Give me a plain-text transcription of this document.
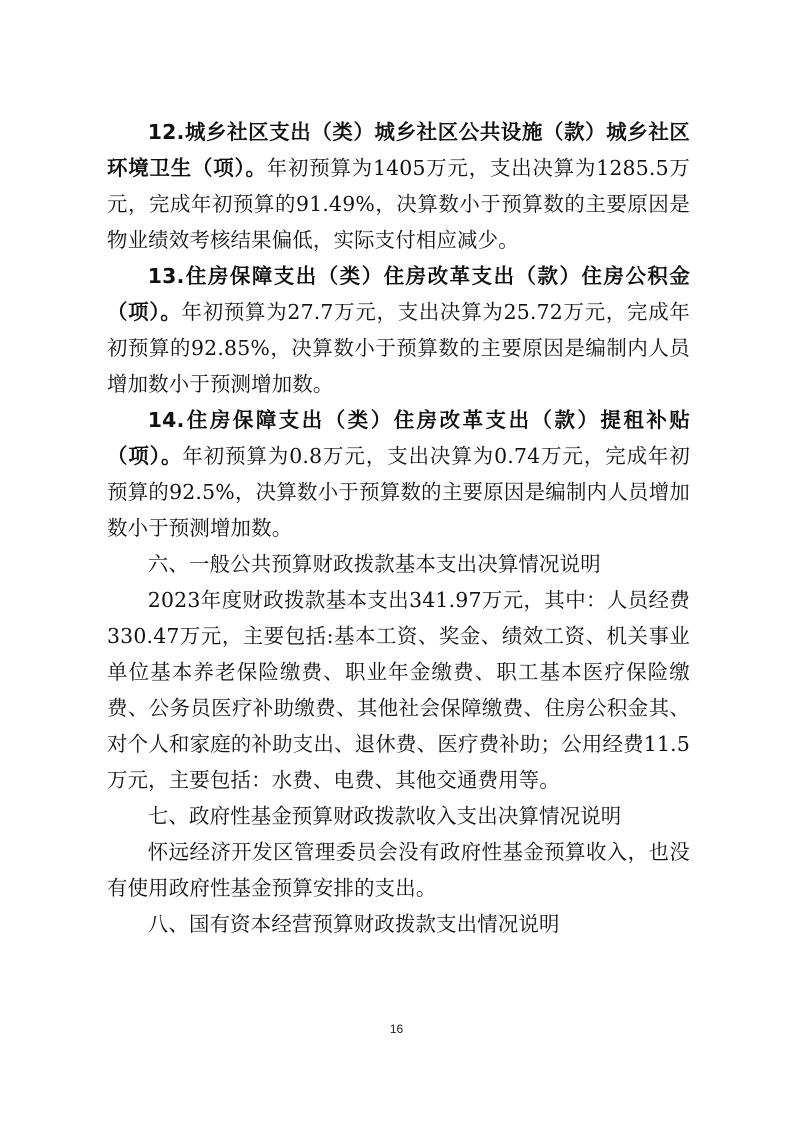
12.城乡社区支出（类）城乡社区公共设施（款）城乡社区环境卫生（项）。年初预算为1405万元，支出决算为1285.5万元，完成年初预算的91.49%，决算数小于预算数的主要原因是物业绩效考核结果偏低，实际支付相应减少。

13.住房保障支出（类）住房改革支出（款）住房公积金（项）。年初预算为27.7万元，支出决算为25.72万元，完成年初预算的92.85%，决算数小于预算数的主要原因是编制内人员增加数小于预测增加数。

14.住房保障支出（类）住房改革支出（款）提租补贴（项）。年初预算为0.8万元，支出决算为0.74万元，完成年初预算的92.5%，决算数小于预算数的主要原因是编制内人员增加数小于预测增加数。

六、一般公共预算财政拨款基本支出决算情况说明

2023年度财政拨款基本支出341.97万元，其中：人员经费330.47万元，主要包括:基本工资、奖金、绩效工资、机关事业单位基本养老保险缴费、职业年金缴费、职工基本医疗保险缴费、公务员医疗补助缴费、其他社会保障缴费、住房公积金其、对个人和家庭的补助支出、退休费、医疗费补助；公用经费11.5万元，主要包括：水费、电费、其他交通费用等。

七、政府性基金预算财政拨款收入支出决算情况说明

怀远经济开发区管理委员会没有政府性基金预算收入，也没有使用政府性基金预算安排的支出。

八、国有资本经营预算财政拨款支出情况说明

16
